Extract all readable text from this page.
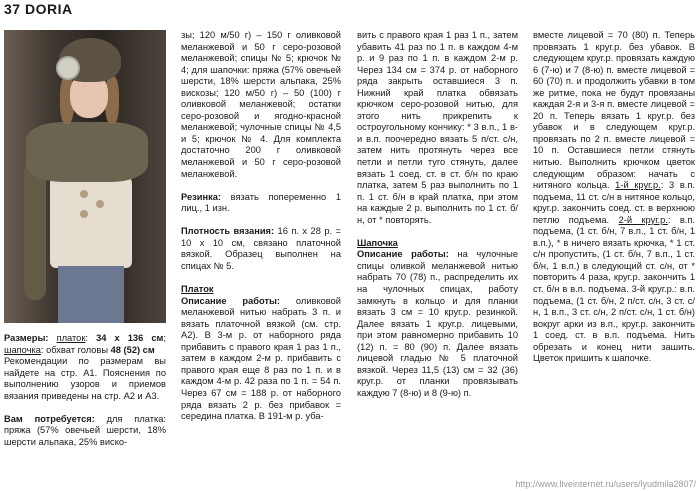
37 DORIA

Размеры: платок: 34 х 136 см; шапочка: обхват головы 48 (52) см
Рекомендации по размерам вы найдете на стр. А1. Пояснения по выполнению узоров и приемов вязания приведены на стр. А2 и А3.

Вам потребуется: для платка: пряжа (57% овечьей шерсти, 18% шерсти альпака, 25% виско-

зы; 120 м/50 г) – 150 г оливковой меланжевой и 50 г серо-розовой меланжевой; спицы № 5; крючок № 4; для шапочки: пряжа (57% овечьей шерсти, 18% шерсти альпака, 25% вискозы; 120 м/50 г) – 50 (100) г оливковой меланжевой; остатки серо-розовой и ягодно-красной меланжевой; чулочные спицы № 4,5 и 5; крючок № 4. Для комплекта достаточно 200 г оливковой меланжевой и 50 г серо-розовой меланжевой.

Резинка: вязать попеременно 1 лиц., 1 изн.

Плотность вязания: 16 п. х 28 р. = 10 х 10 см, связано платочной вязкой. Образец выполнен на спицах № 5.

Платок
Описание работы: оливковой меланжевой нитью набрать 3 п. и вязать платочной вязкой (см. стр. А2). В 3-м р. от наборного ряда прибавить с правого края 1 раз 1 п., затем в каждом 2-м р. прибавить с правого края еще 8 раз по 1 п. и в каждом 4-м р. 42 раза по 1 п. = 54 п. Через 67 см = 188 р. от наборного ряда вязать 2 р. без прибавок = середина платка. В 191-м р. уба-

вить с правого края 1 раз 1 п., затем убавить 41 раз по 1 п. в каждом 4-м р. и 9 раз по 1 п. в каждом 2-м р. Через 134 см = 374 р. от наборного ряда закрыть оставшиеся 3 п. Нижний край платка обвязать крючком серо-розовой нитью, для этого нить прикрепить к остроугольному кончику: * 3 в.п., 1 в-и в.п. поочередно вязать 5 п/ст. с/н, затем нить протянуть через все петли и петли туго стянуть, далее вязать 1 соед. ст. в ст. б/н по краю платка, затем 5 раз выполнить по 1 п. 1 ст. б/н в край платка, при этом на каждые 2 р. выполнить по 1 ст. б/н, от * повторять.

Шапочка
Описание работы: на чулочные спицы оливкой меланжевой нитью набрать 70 (78) п., распределить их на чулочных спицах, работу замкнуть в кольцо и для планки вязать 3 см = 10 круг.р. резинкой. Далее вязать 1 круг.р. лицевыми, при этом равномерно прибавить 10 (12) п. = 80 (90) п. Далее вязать лицевой гладью № 5 платочной вязкой. Через 11,5 (13) см = 32 (36) круг.р. от планки провязывать каждую 7 (8-ю) и 8 (9-ю) п.

вместе лицевой = 70 (80) п. Теперь провязать 1 круг.р. без убавок. В следующем круг.р. провязать каждую 6 (7-ю) и 7 (8-ю) п. вместе лицевой = 60 (70) п. и продолжить убавки в том же ритме, пока не будут провязаны каждая 2-я и 3-я п. вместе лицевой = 20 п. Теперь вязать 1 круг.р. без убавок и в следующем круг.р. провязать по 2 п. вместе лицевой = 10 п. Оставшиеся петли стянуть нитью. Выполнить крючком цветок следующим образом: начать с нитяного кольца. 1-й круг.р.: 3 в.п. подъема, 11 ст. с/н в нитяное кольцо, круг.р. закончить соед. ст. в верхнюю петлю подъема. 2-й круг.р.: в.п. подъема, (1 ст. б/н, 7 в.п., 1 ст. б/н, 1 в.п.), * в ничего вязать крючка, * 1 ст. с/н пропустить, (1 ст. б/н, 7 в.п., 1 ст. б/н, 1 в.п.) в следующий ст. с/н, от * повторить 4 раза, круг.р. закончить 1 ст. б/н в в.п. подъема. 3-й круг.р.: в.п. подъема, (1 ст. б/н, 2 п/ст. с/н, 3 ст. с/н, 1 в.п., 3 ст. с/н, 2 п/ст. с/н, 1 ст. б/н) вокруг арки из в.п., круг.р. закончить 1 соед. ст. в в.п. подъема. Нить обрезать и конец нити зашить. Цветок пришить к шапочке.

http://www.liveinternet.ru/users/lyudmila2807/
